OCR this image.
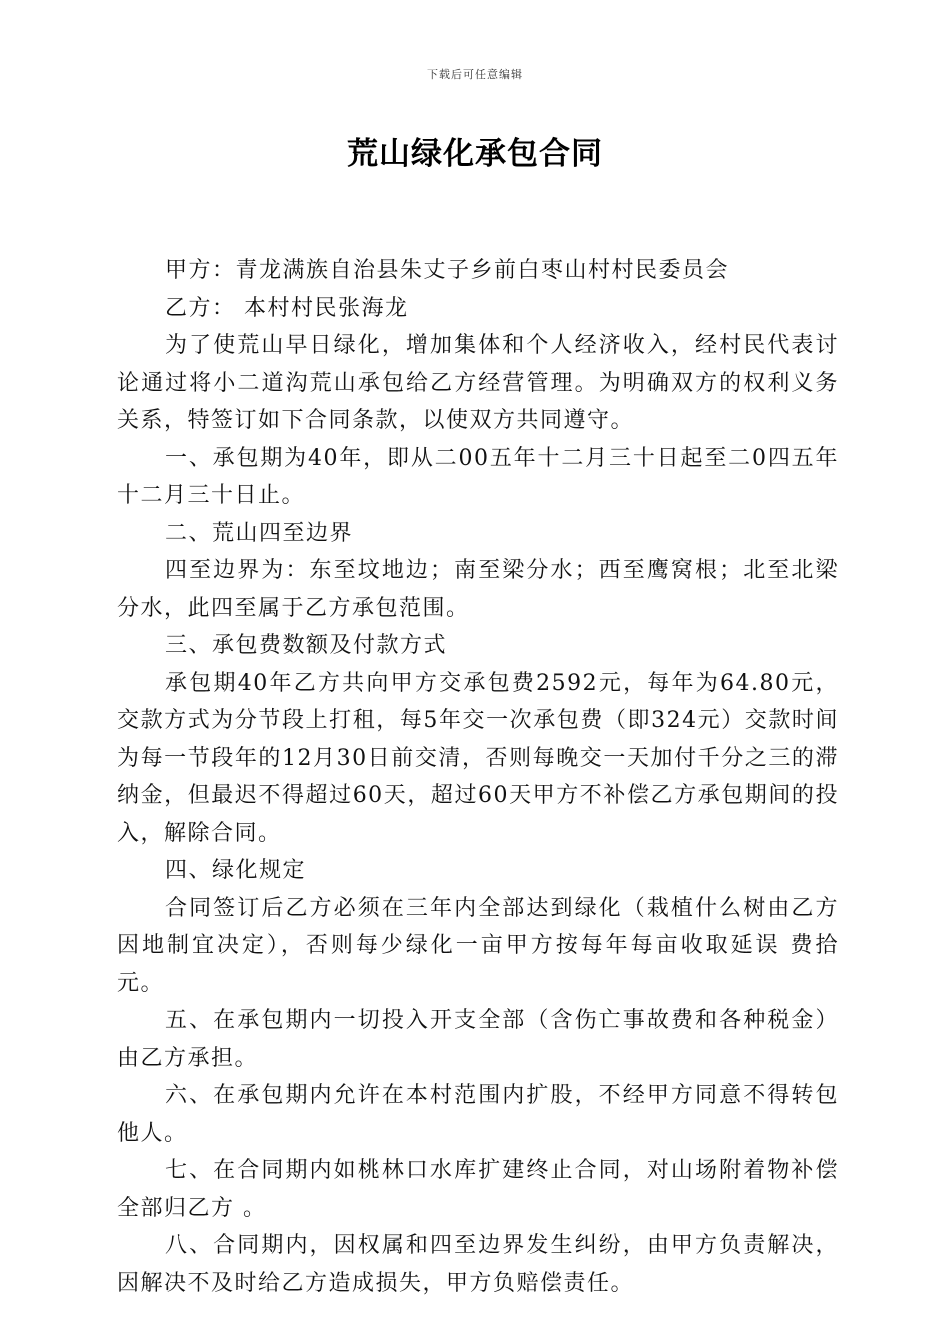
下载后可任意编辑
荒山绿化承包合同

甲方：青龙满族自治县朱丈子乡前白枣山村村民委员会

乙方： 本村村民张海龙

为了使荒山早日绿化，增加集体和个人经济收入，经村民代表讨论通过将小二道沟荒山承包给乙方经营管理。为明确双方的权利义务关系，特签订如下合同条款，以使双方共同遵守。

一、承包期为40年，即从二00五年十二月三十日起至二0四五年十二月三十日止。

二、荒山四至边界

四至边界为：东至坟地边；南至梁分水；西至鹰窝根；北至北梁分水，此四至属于乙方承包范围。

三、承包费数额及付款方式

承包期40年乙方共向甲方交承包费2592元，每年为64.80元，交款方式为分节段上打租，每5年交一次承包费（即324元）交款时间为每一节段年的12月30日前交清，否则每晚交一天加付千分之三的滞纳金，但最迟不得超过60天，超过60天甲方不补偿乙方承包期间的投入，解除合同。

四、绿化规定

合同签订后乙方必须在三年内全部达到绿化（栽植什么树由乙方因地制宜决定），否则每少绿化一亩甲方按每年每亩收取延误 费拾元。

五、在承包期内一切投入开支全部（含伤亡事故费和各种税金）由乙方承担。

六、在承包期内允许在本村范围内扩股，不经甲方同意不得转包他人。

七、在合同期内如桃林口水库扩建终止合同，对山场附着物补偿全部归乙方 。

八、合同期内，因权属和四至边界发生纠纷，由甲方负责解决，因解决不及时给乙方造成损失，甲方负赔偿责任。
